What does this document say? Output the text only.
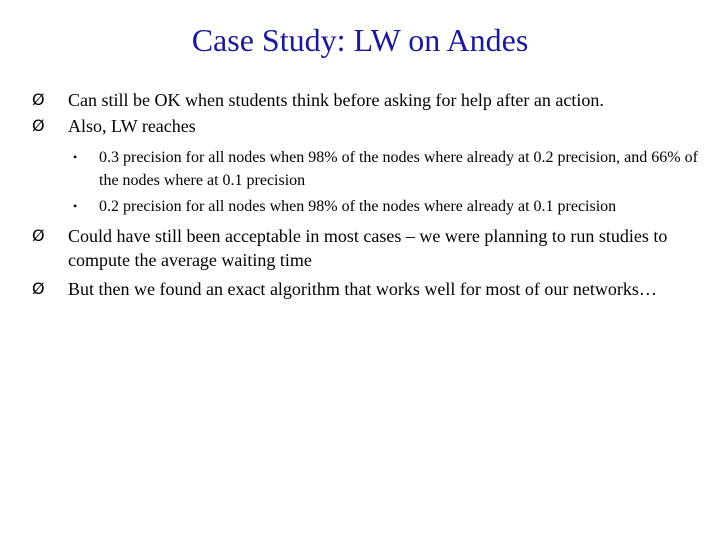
Case Study: LW on Andes
Ø Can still be OK when students think before asking for help after an action.
Ø Also, LW reaches
• 0.3 precision for all nodes when 98% of the nodes where already at 0.2 precision, and 66% of the nodes where at 0.1 precision
• 0.2 precision for all nodes when 98% of the nodes where already at 0.1 precision
Ø Could have still been acceptable in most cases – we were planning to run studies to compute the average waiting time
Ø But then we found an exact algorithm that works well for most of our networks…
